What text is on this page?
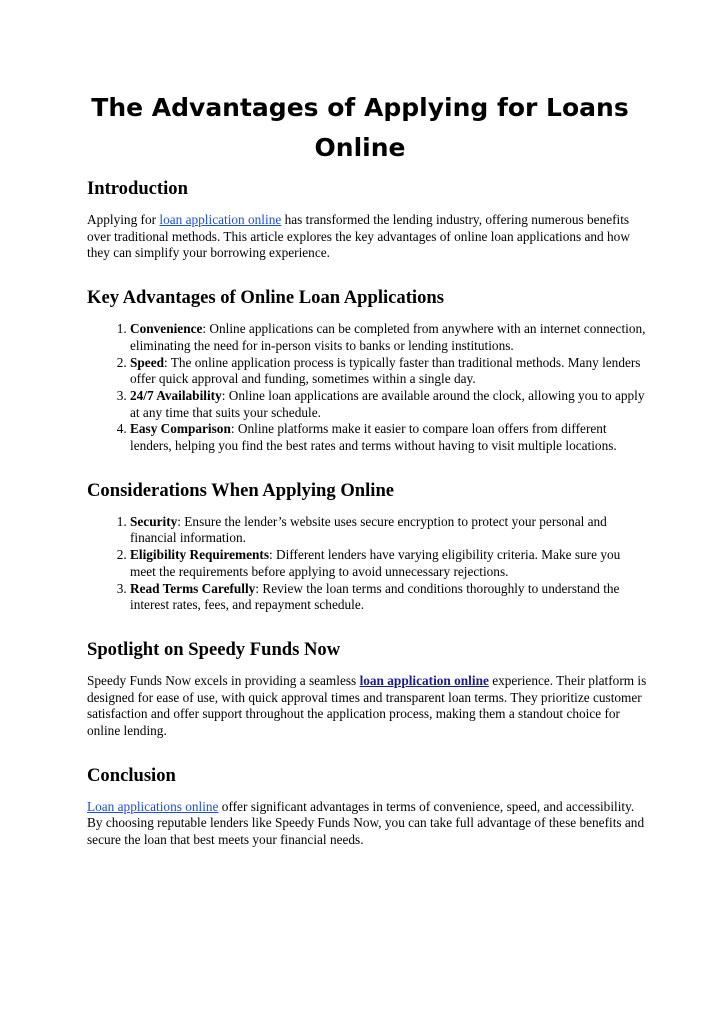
The Advantages of Applying for Loans Online
Introduction

Applying for loan application online has transformed the lending industry, offering numerous benefits over traditional methods. This article explores the key advantages of online loan applications and how they can simplify your borrowing experience.

Key Advantages of Online Loan Applications
1. Convenience: Online applications can be completed from anywhere with an internet connection, eliminating the need for in-person visits to banks or lending institutions.
2. Speed: The online application process is typically faster than traditional methods. Many lenders offer quick approval and funding, sometimes within a single day.
3. 24/7 Availability: Online loan applications are available around the clock, allowing you to apply at any time that suits your schedule.
4. Easy Comparison: Online platforms make it easier to compare loan offers from different lenders, helping you find the best rates and terms without having to visit multiple locations.
Considerations When Applying Online
1. Security: Ensure the lender’s website uses secure encryption to protect your personal and financial information.
2. Eligibility Requirements: Different lenders have varying eligibility criteria. Make sure you meet the requirements before applying to avoid unnecessary rejections.
3. Read Terms Carefully: Review the loan terms and conditions thoroughly to understand the interest rates, fees, and repayment schedule.
Spotlight on Speedy Funds Now

Speedy Funds Now excels in providing a seamless loan application online experience. Their platform is designed for ease of use, with quick approval times and transparent loan terms. They prioritize customer satisfaction and offer support throughout the application process, making them a standout choice for online lending.

Conclusion

Loan applications online offer significant advantages in terms of convenience, speed, and accessibility. By choosing reputable lenders like Speedy Funds Now, you can take full advantage of these benefits and secure the loan that best meets your financial needs.
